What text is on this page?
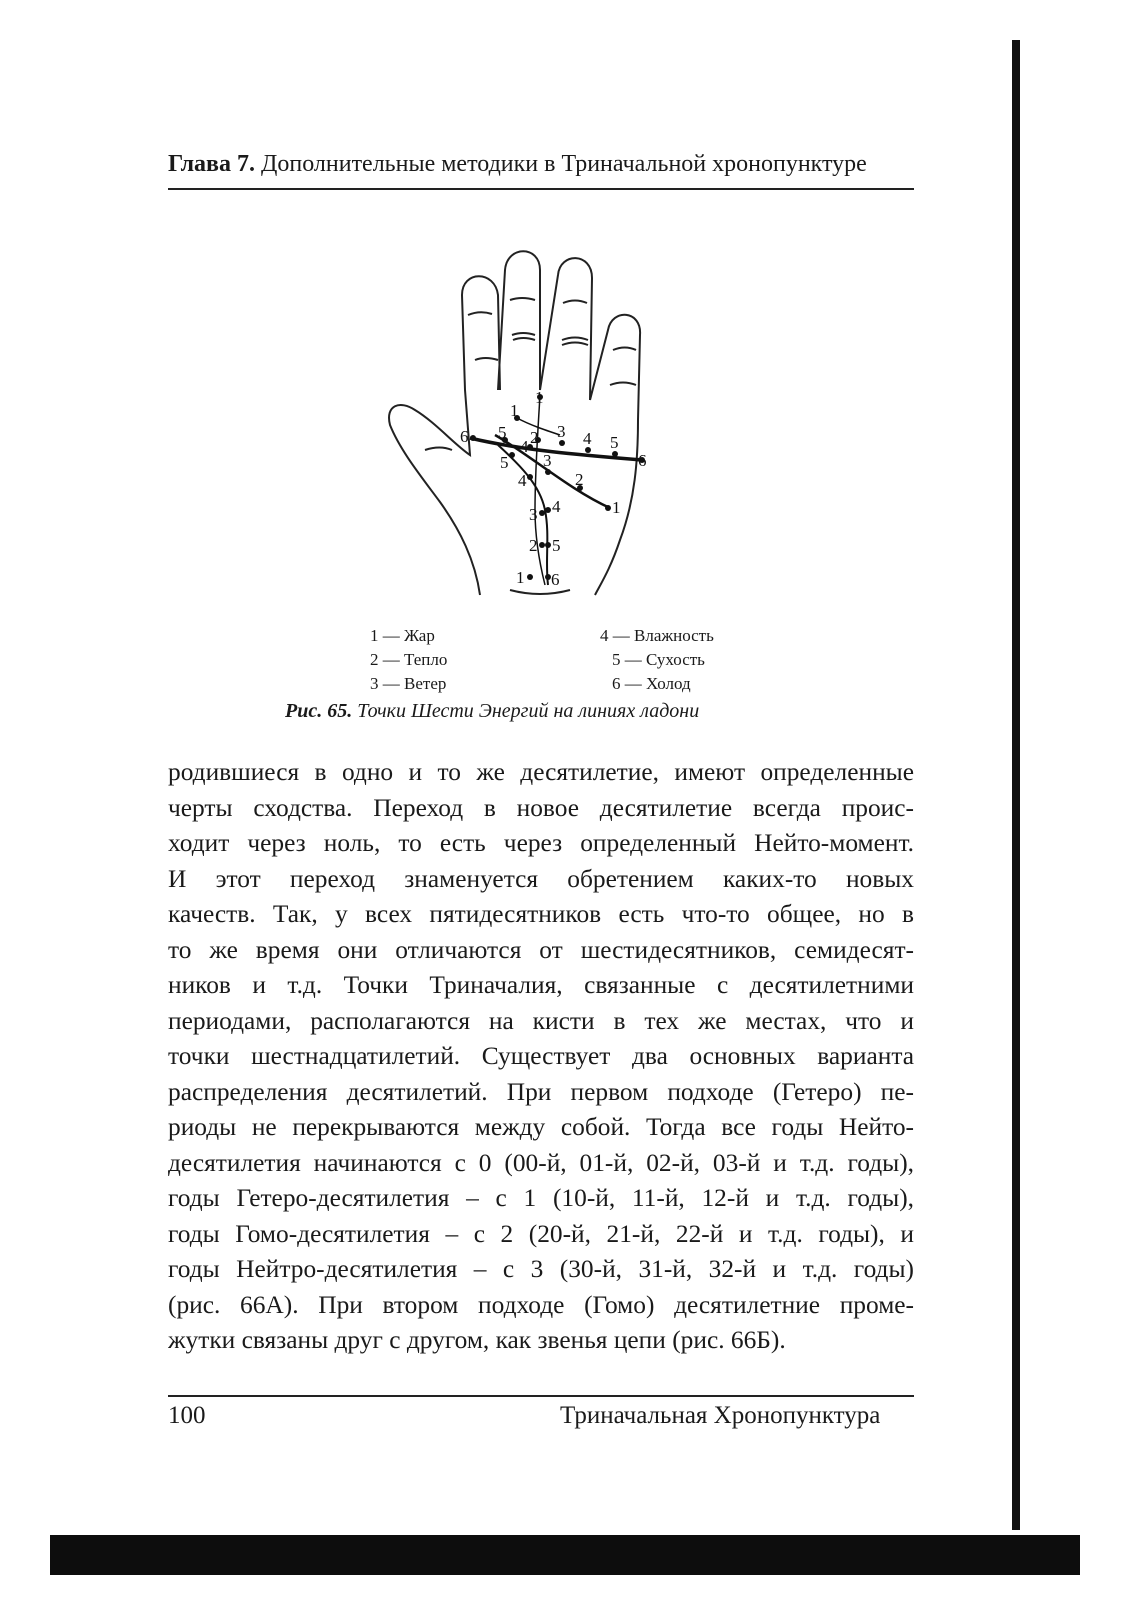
Глава 7. Дополнительные методики в Триначальной хронопунктуре
1
1
5
4 2 3 4 5
6
6
5 3
2
1
4
3 4
2 5
1 6
1 — Жар
2 — Тепло
3 — Ветер
4 — Влажность
5 — Сухость
6 — Холод
Рис. 65. Точки Шести Энергий на линиях ладони
родившиеся в одно и то же десятилетие, имеют определенные
черты сходства. Переход в новое десятилетие всегда проис-
ходит через ноль, то есть через определенный Нейто-момент.
И этот переход знаменуется обретением каких-то новых
качеств. Так, у всех пятидесятников есть что-то общее, но в
то же время они отличаются от шестидесятников, семидесят-
ников и т.д. Точки Триначалия, связанные с десятилетними
периодами, располагаются на кисти в тех же местах, что и
точки шестнадцатилетий. Существует два основных варианта
распределения десятилетий. При первом подходе (Гетеро) пе-
риоды не перекрываются между собой. Тогда все годы Нейто-
десятилетия начинаются с 0 (00-й, 01-й, 02-й, 03-й и т.д. годы),
годы Гетеро-десятилетия – с 1 (10-й, 11-й, 12-й и т.д. годы),
годы Гомо-десятилетия – с 2 (20-й, 21-й, 22-й и т.д. годы), и
годы Нейтро-десятилетия – с 3 (30-й, 31-й, 32-й и т.д. годы)
(рис. 66А). При втором подходе (Гомо) десятилетние проме-
жутки связаны друг с другом, как звенья цепи (рис. 66Б).
100	Триначальная Хронопунктура
